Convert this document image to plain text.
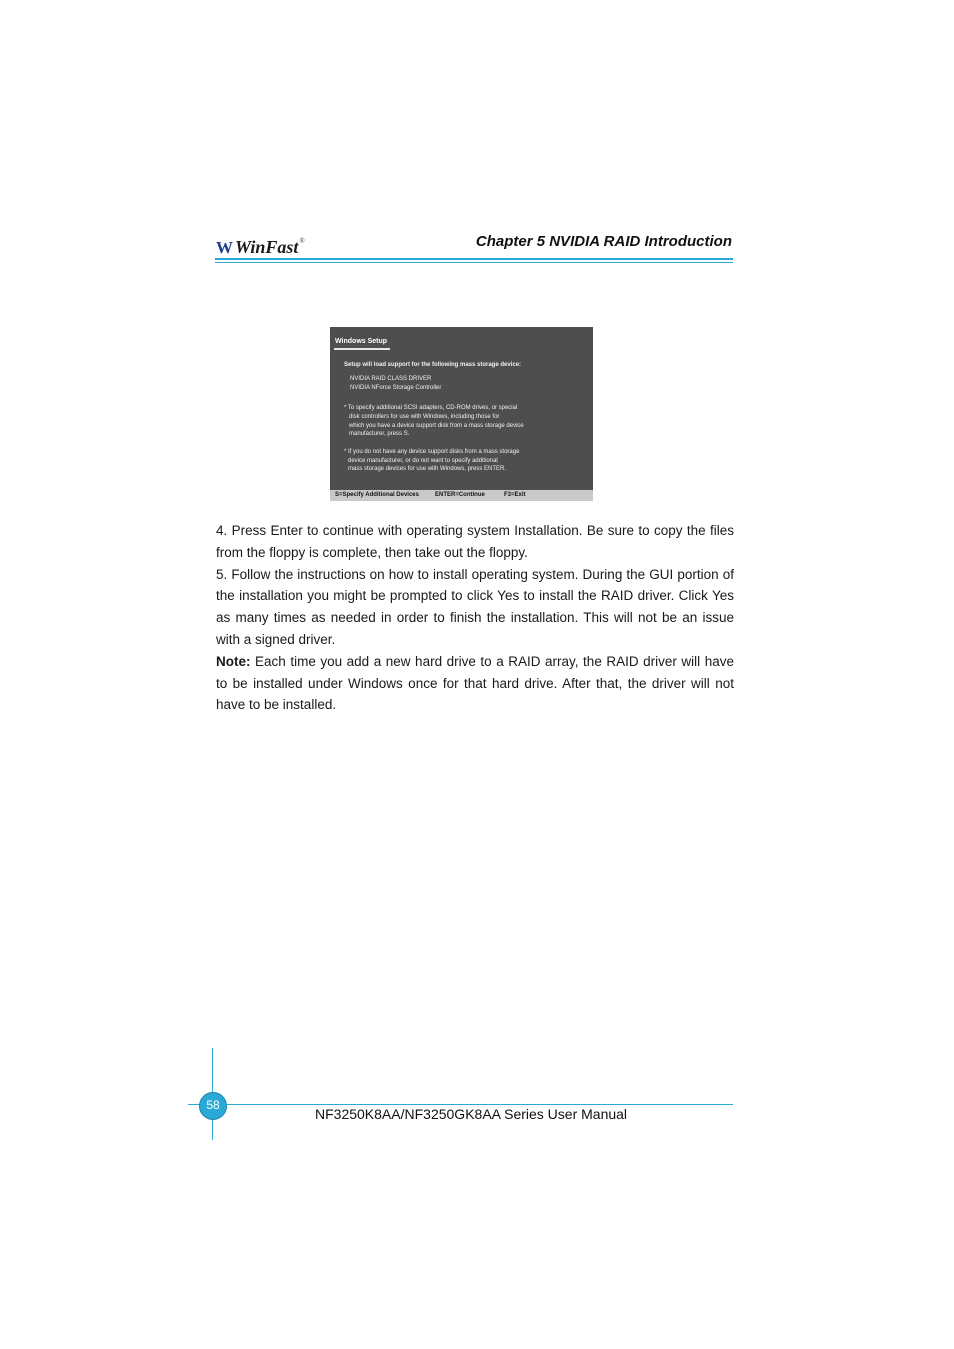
W WinFast ®	Chapter 5 NVIDIA RAID Introduction
Windows Setup
Setup will load support for the following mass storage device:
NVIDIA RAID CLASS DRIVER
NVIDIA NForce Storage Controller
* To specify additional SCSI adapters, CD-ROM drives, or special
disk controllers for use with Windows, including those for
which you have a device support disk from a mass storage device
manufacturer, press S.
* If you do not have any device support disks from a mass storage
device manufacturer, or do not want to specify additional
mass storage devices for use with Windows, press ENTER.
S=Specify Additional Devices	ENTER=Continue	F3=Exit

4. Press Enter to continue with operating system Installation. Be sure to copy the files from the floppy is complete, then take out the floppy.

5. Follow the instructions on how to install operating system. During the GUI portion of the installation you might be prompted to click Yes to install the RAID driver. Click Yes as many times as needed in order to finish the installation. This will not be an issue with a signed driver.

Note: Each time you add a new hard drive to a RAID array, the RAID driver will have to be installed under Windows once for that hard drive. After that, the driver will not have to be installed.

58
NF3250K8AA/NF3250GK8AA Series User Manual
